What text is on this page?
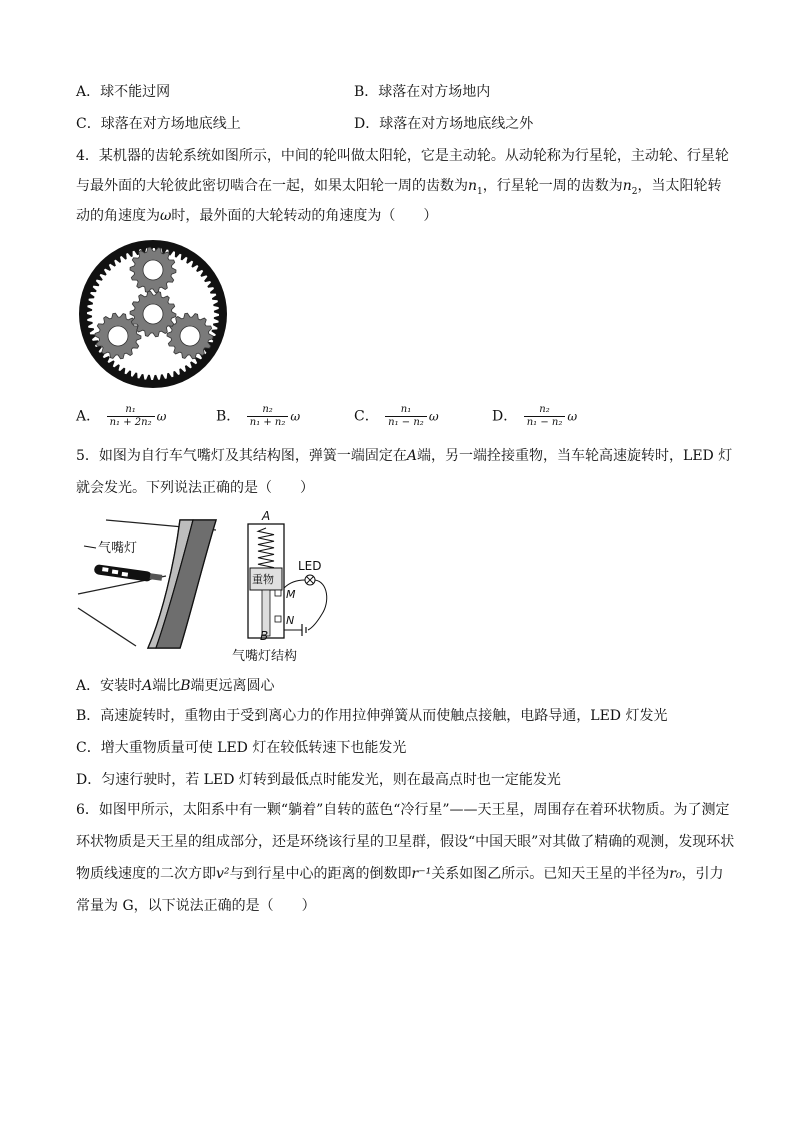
A．球不能过网	B．球落在对方场地内
C．球落在对方场地底线上	D．球落在对方场地底线之外
4．某机器的齿轮系统如图所示，中间的轮叫做太阳轮，它是主动轮。从动轮称为行星轮，主动轮、行星轮
与最外面的大轮彼此密切啮合在一起，如果太阳轮一周的齿数为$n_1$，行星轮一周的齿数为$n_2$，当太阳轮转
动的角速度为ω时，最外面的大轮转动的角速度为（　　）
A． $\frac{\text{n₁}}{\text{n₁ + 2n₂}}$ ω	B． $\frac{\text{n₂}}{\text{n₁ + n₂}}$ ω	C． $\frac{\text{n₁}}{\text{n₁ − n₂}}$ ω	D． $\frac{\text{n₂}}{\text{n₁ − n₂}}$ ω
5．如图为自行车气嘴灯及其结构图，弹簧一端固定在A端，另一端拴接重物，当车轮高速旋转时，LED 灯
就会发光。下列说法正确的是（　　）
气嘴灯
A
重物
M
N
B
LED
气嘴灯结构
A．安装时A端比B端更远离圆心
B．高速旋转时，重物由于受到离心力的作用拉伸弹簧从而使触点接触，电路导通，LED 灯发光
C．增大重物质量可使 LED 灯在较低转速下也能发光
D．匀速行驶时，若 LED 灯转到最低点时能发光，则在最高点时也一定能发光
6．如图甲所示，太阳系中有一颗“躺着”自转的蓝色“冷行星”——天王星，周围存在着环状物质。为了测定
环状物质是天王星的组成部分，还是环绕该行星的卫星群，假设“中国天眼”对其做了精确的观测，发现环状
物质线速度的二次方即v²与到行星中心的距离的倒数即r⁻¹关系如图乙所示。已知天王星的半径为r₀，引力
常量为 G，以下说法正确的是（　　）
